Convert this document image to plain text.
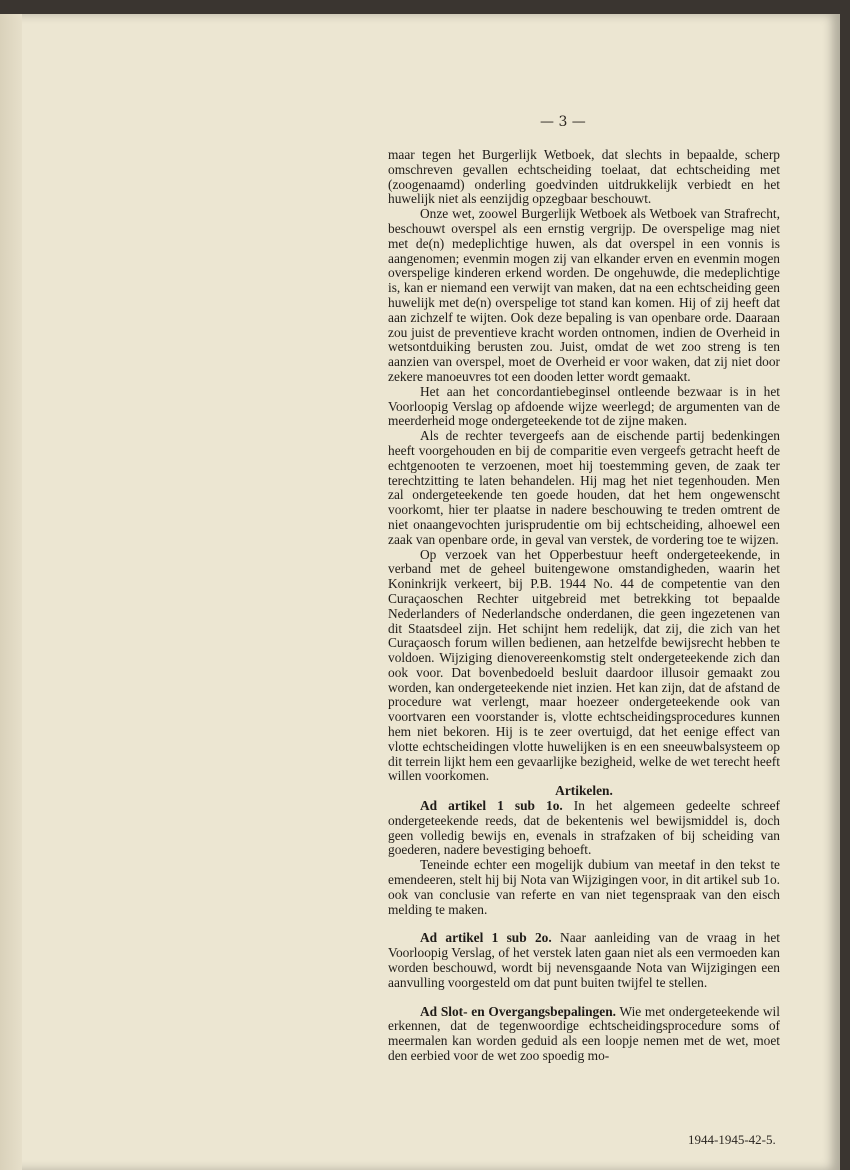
— 3 —

maar tegen het Burgerlijk Wetboek, dat slechts in bepaalde, scherp omschreven gevallen echtscheiding toelaat, dat echtscheiding met (zoogenaamd) onderling goedvinden uitdrukkelijk verbiedt en het huwelijk niet als eenzijdig opzegbaar beschouwt.

Onze wet, zoowel Burgerlijk Wetboek als Wetboek van Strafrecht, beschouwt overspel als een ernstig vergrijp. De overspelige mag niet met de(n) medeplichtige huwen, als dat overspel in een vonnis is aangenomen; evenmin mogen zij van elkander erven en evenmin mogen overspelige kinderen erkend worden. De ongehuwde, die medeplichtige is, kan er niemand een verwijt van maken, dat na een echtscheiding geen huwelijk met de(n) overspelige tot stand kan komen. Hij of zij heeft dat aan zichzelf te wijten. Ook deze bepaling is van openbare orde. Daaraan zou juist de preventieve kracht worden ontnomen, indien de Overheid in wetsontduiking berusten zou. Juist, omdat de wet zoo streng is ten aanzien van overspel, moet de Overheid er voor waken, dat zij niet door zekere manoeuvres tot een dooden letter wordt gemaakt.

Het aan het concordantiebeginsel ontleende bezwaar is in het Voorloopig Verslag op afdoende wijze weerlegd; de argumenten van de meerderheid moge ondergeteekende tot de zijne maken.

Als de rechter tevergeefs aan de eischende partij bedenkingen heeft voorgehouden en bij de comparitie even vergeefs getracht heeft de echtgenooten te verzoenen, moet hij toestemming geven, de zaak ter terechtzitting te laten behandelen. Hij mag het niet tegenhouden. Men zal ondergeteekende ten goede houden, dat het hem ongewenscht voorkomt, hier ter plaatse in nadere beschouwing te treden omtrent de niet onaangevochten jurisprudentie om bij echtscheiding, alhoewel een zaak van openbare orde, in geval van verstek, de vordering toe te wijzen.

Op verzoek van het Opperbestuur heeft ondergeteekende, in verband met de geheel buitengewone omstandigheden, waarin het Koninkrijk verkeert, bij P.B. 1944 No. 44 de competentie van den Curaçaoschen Rechter uitgebreid met betrekking tot bepaalde Nederlanders of Nederlandsche onderdanen, die geen ingezetenen van dit Staatsdeel zijn. Het schijnt hem redelijk, dat zij, die zich van het Curaçaosch forum willen bedienen, aan hetzelfde bewijsrecht hebben te voldoen. Wijziging dienovereenkomstig stelt ondergeteekende zich dan ook voor. Dat bovenbedoeld besluit daardoor illusoir gemaakt zou worden, kan ondergeteekende niet inzien. Het kan zijn, dat de afstand de procedure wat verlengt, maar hoezeer ondergeteekende ook van voortvaren een voorstander is, vlotte echtscheidingsprocedures kunnen hem niet bekoren. Hij is te zeer overtuigd, dat het eenige effect van vlotte echtscheidingen vlotte huwelijken is en een sneeuwbalsysteem op dit terrein lijkt hem een gevaarlijke bezigheid, welke de wet terecht heeft willen voorkomen.

Artikelen.

Ad artikel 1 sub 1o. In het algemeen gedeelte schreef ondergeteekende reeds, dat de bekentenis wel bewijsmiddel is, doch geen volledig bewijs en, evenals in strafzaken of bij scheiding van goederen, nadere bevestiging behoeft.

Teneinde echter een mogelijk dubium van meetaf in den tekst te emendeeren, stelt hij bij Nota van Wijzigingen voor, in dit artikel sub 1o. ook van conclusie van referte en van niet tegenspraak van den eisch melding te maken.

Ad artikel 1 sub 2o. Naar aanleiding van de vraag in het Voorloopig Verslag, of het verstek laten gaan niet als een vermoeden kan worden beschouwd, wordt bij nevensgaande Nota van Wijzigingen een aanvulling voorgesteld om dat punt buiten twijfel te stellen.

Ad Slot- en Overgangsbepalingen. Wie met ondergeteekende wil erkennen, dat de tegenwoordige echtscheidingsprocedure soms of meermalen kan worden geduid als een loopje nemen met de wet, moet den eerbied voor de wet zoo spoedig mo-

1944-1945-42-5.
